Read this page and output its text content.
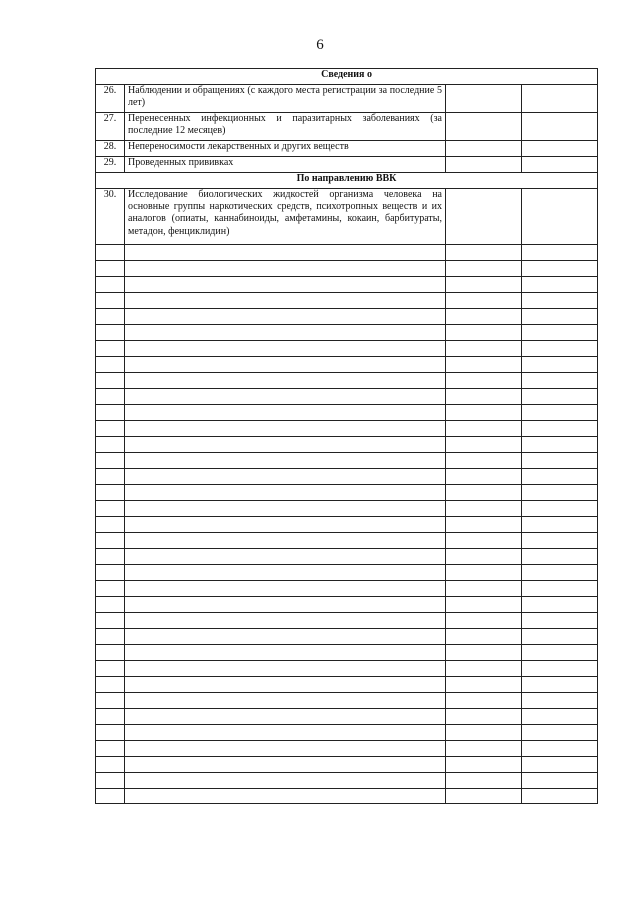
6
Сведения о			
26.	Наблюдении и обращениях (с каждого места регистрации за последние 5 лет)		
27.	Перенесенных инфекционных и паразитарных заболеваниях (за последние 12 месяцев)		
28.	Непереносимости лекарственных и других веществ		
29.	Проведенных прививках		
По направлению ВВК			
30.	Исследование биологических жидкостей организма человека на основные группы наркотических средств, психотропных веществ и их аналогов (опиаты, каннабиноиды, амфетамины, кокаин, барбитураты, метадон, фенциклидин)		
